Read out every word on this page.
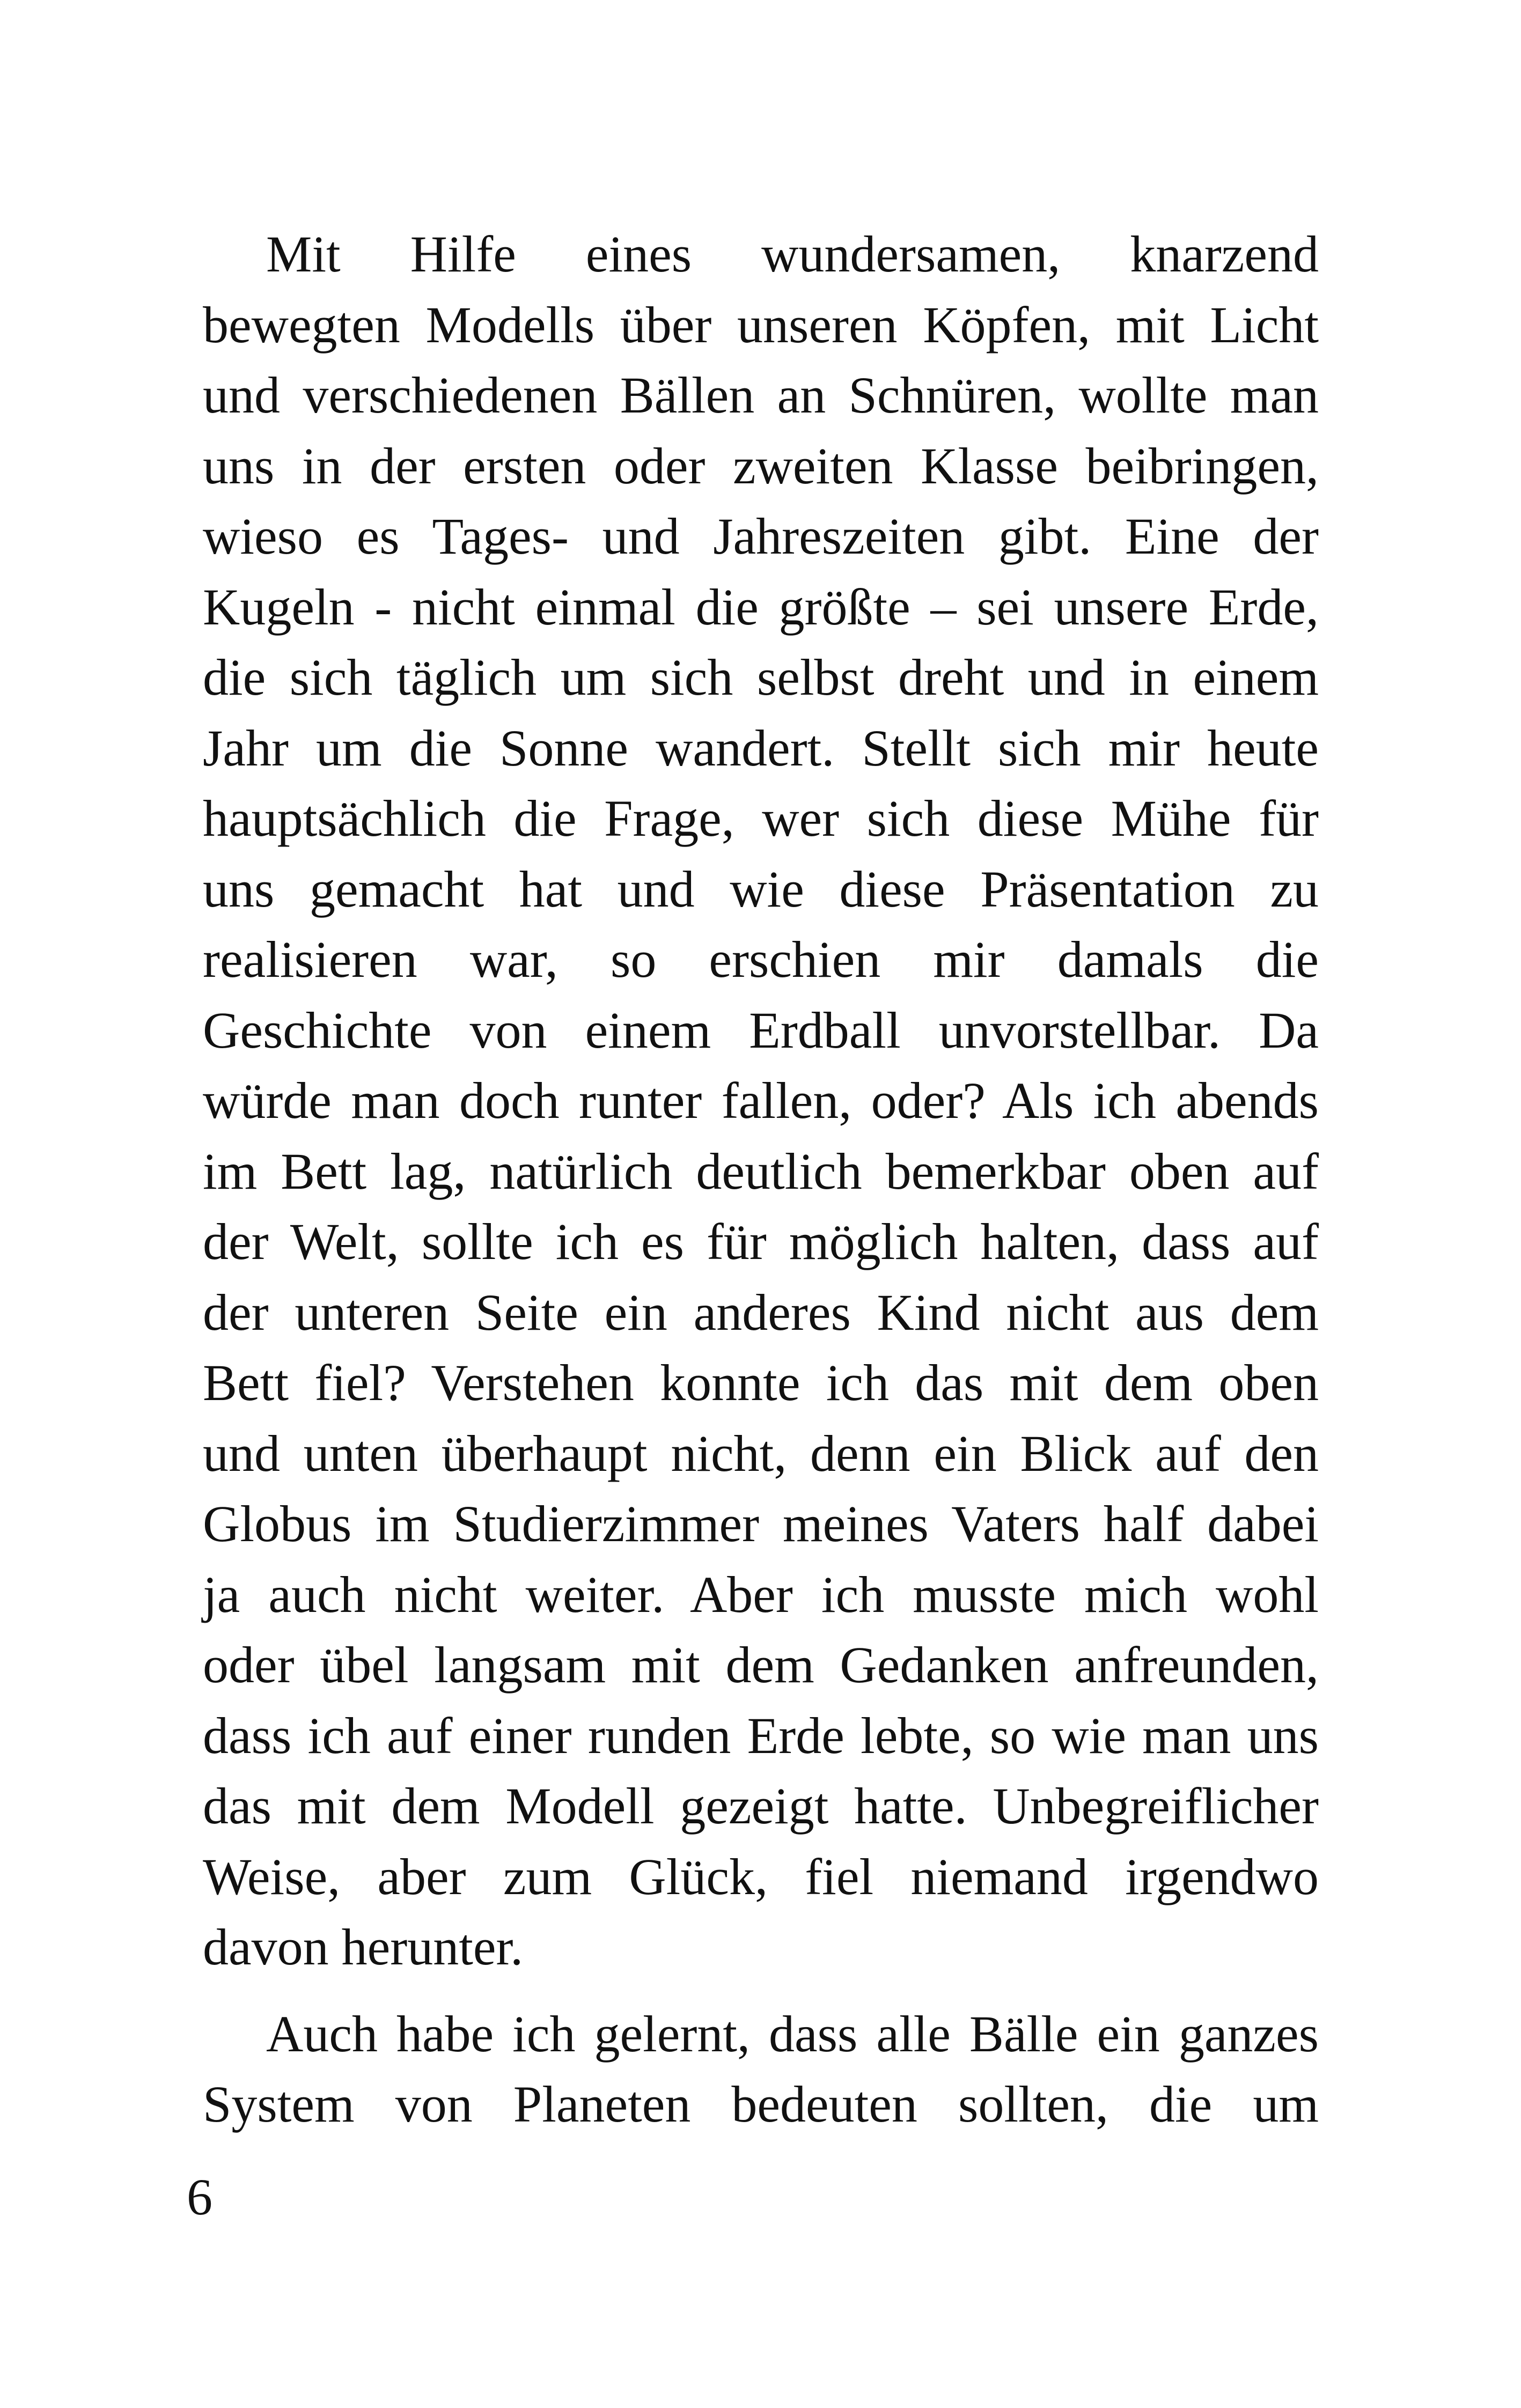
Mit Hilfe eines wundersamen, knarzend
bewegten Modells über unseren Köpfen, mit Licht
und verschiedenen Bällen an Schnüren, wollte man
uns in der ersten oder zweiten Klasse beibringen,
wieso es Tages- und Jahreszeiten gibt. Eine der
Kugeln - nicht einmal die größte – sei unsere Erde,
die sich täglich um sich selbst dreht und in einem
Jahr um die Sonne wandert. Stellt sich mir heute
hauptsächlich die Frage, wer sich diese Mühe für
uns gemacht hat und wie diese Präsentation zu
realisieren war, so erschien mir damals die
Geschichte von einem Erdball unvorstellbar. Da
würde man doch runter fallen, oder? Als ich abends
im Bett lag, natürlich deutlich bemerkbar oben auf
der Welt, sollte ich es für möglich halten, dass auf
der unteren Seite ein anderes Kind nicht aus dem
Bett fiel? Verstehen konnte ich das mit dem oben
und unten überhaupt nicht, denn ein Blick auf den
Globus im Studierzimmer meines Vaters half dabei
ja auch nicht weiter. Aber ich musste mich wohl
oder übel langsam mit dem Gedanken anfreunden,
dass ich auf einer runden Erde lebte, so wie man uns
das mit dem Modell gezeigt hatte. Unbegreiflicher
Weise, aber zum Glück, fiel niemand irgendwo
davon herunter.

Auch habe ich gelernt, dass alle Bälle ein ganzes
System von Planeten bedeuten sollten, die um

6
